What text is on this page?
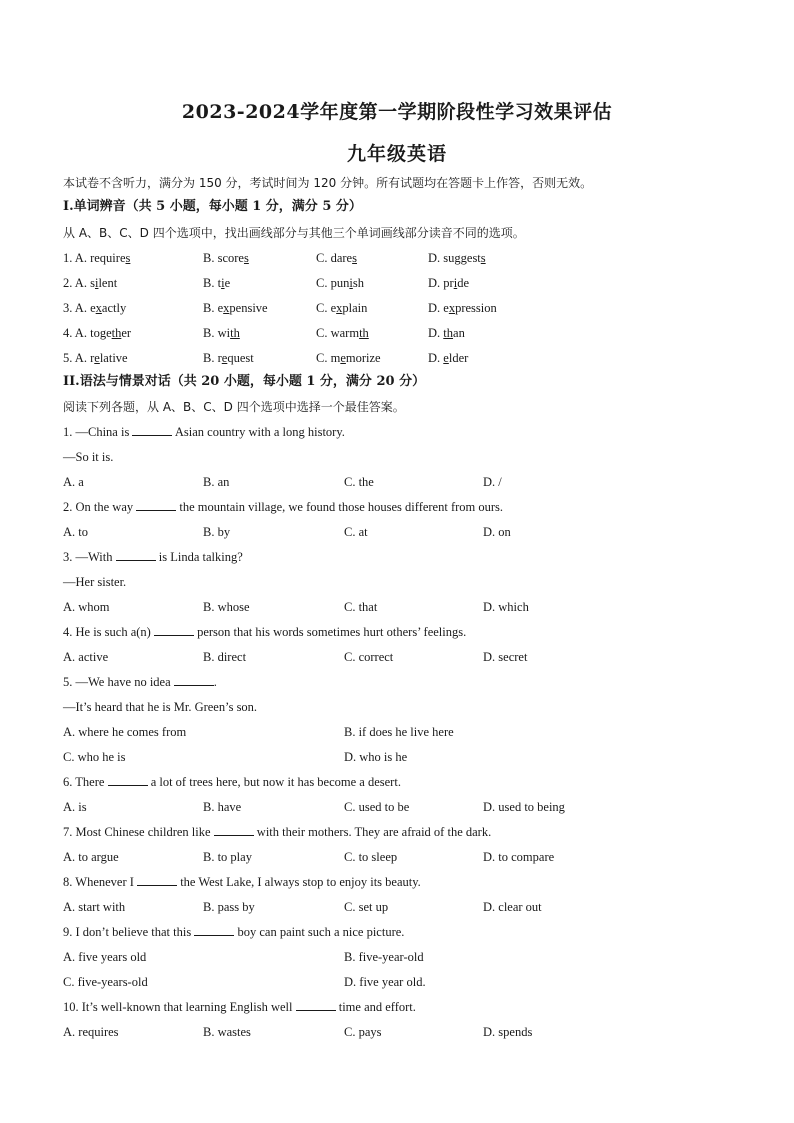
2023-2024学年度第一学期阶段性学习效果评估
九年级英语
本试卷不含听力，满分为 150 分，考试时间为 120 分钟。所有试题均在答题卡上作答，否则无效。
I.单词辨音（共 5 小题，每小题 1 分，满分 5 分）
从 A、B、C、D 四个选项中，找出画线部分与其他三个单词画线部分读音不同的选项。
1. A. requires	B. scores	C. dares	D. suggests
2. A. silent	B. tie	C. punish	D. pride
3. A. exactly	B. expensive	C. explain	D. expression
4. A. together	B. with	C. warmth	D. than
5. A. relative	B. request	C. memorize	D. elder
II.语法与情景对话（共 20 小题，每小题 1 分，满分 20 分）
阅读下列各题，从 A、B、C、D 四个选项中选择一个最佳答案。
1. —China is	Asian country with a long history.
—So it is.
A. a	B. an	C. the	D. /
2. On the way	the mountain village, we found those houses different from ours.
A. to	B. by	C. at	D. on
3. —With	is Linda talking?
—Her sister.
A. whom	B. whose	C. that	D. which
4. He is such a(n)	person that his words sometimes hurt others’ feelings.
A. active	B. direct	C. correct	D. secret
5. —We have no idea	.
—It’s heard that he is Mr. Green’s son.
A. where he comes from	B. if does he live here
C. who he is	D. who is he
6. There	a lot of trees here, but now it has become a desert.
A. is	B. have	C. used to be	D. used to being
7. Most Chinese children like	with their mothers. They are afraid of the dark.
A. to argue	B. to play	C. to sleep	D. to compare
8. Whenever I	the West Lake, I always stop to enjoy its beauty.
A. start with	B. pass by	C. set up	D. clear out
9. I don’t believe that this	boy can paint such a nice picture.
A. five years old	B. five-year-old
C. five-years-old	D. five year old.
10. It’s well-known that learning English well	time and effort.
A. requires	B. wastes	C. pays	D. spends
